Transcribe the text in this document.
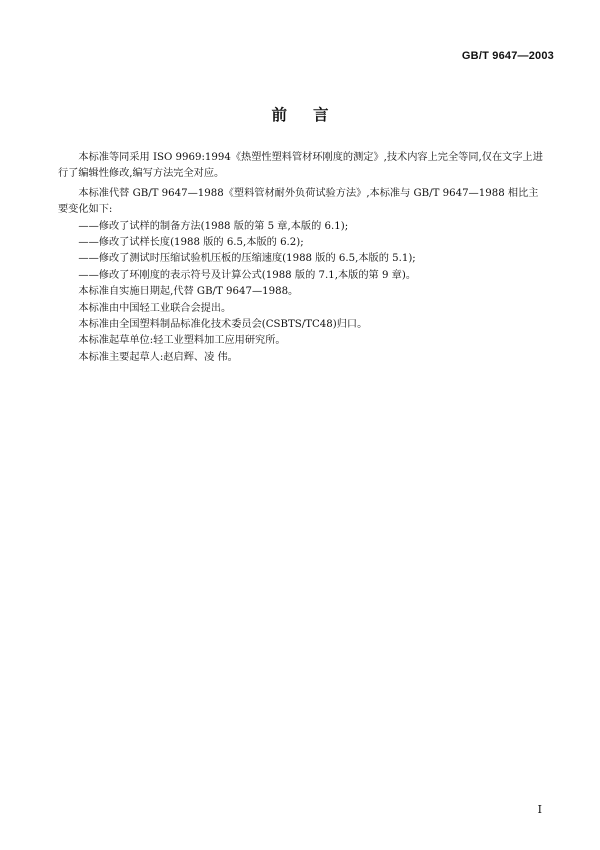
GB/T 9647—2003
前言

本标准等同采用 ISO 9969:1994《热塑性塑料管材环刚度的测定》,技术内容上完全等同,仅在文字上进行了编辑性修改,编写方法完全对应。

本标准代替 GB/T 9647—1988《塑料管材耐外负荷试验方法》,本标准与 GB/T 9647—1988 相比主要变化如下:

——修改了试样的制备方法(1988 版的第 5 章,本版的 6.1);
——修改了试样长度(1988 版的 6.5,本版的 6.2);
——修改了测试时压缩试验机压板的压缩速度(1988 版的 6.5,本版的 5.1);
——修改了环刚度的表示符号及计算公式(1988 版的 7.1,本版的第 9 章)。

本标准自实施日期起,代替 GB/T 9647—1988。

本标准由中国轻工业联合会提出。

本标准由全国塑料制品标准化技术委员会(CSBTS/TC48)归口。

本标准起草单位:轻工业塑料加工应用研究所。

本标准主要起草人:赵启辉、凌 伟。

I
